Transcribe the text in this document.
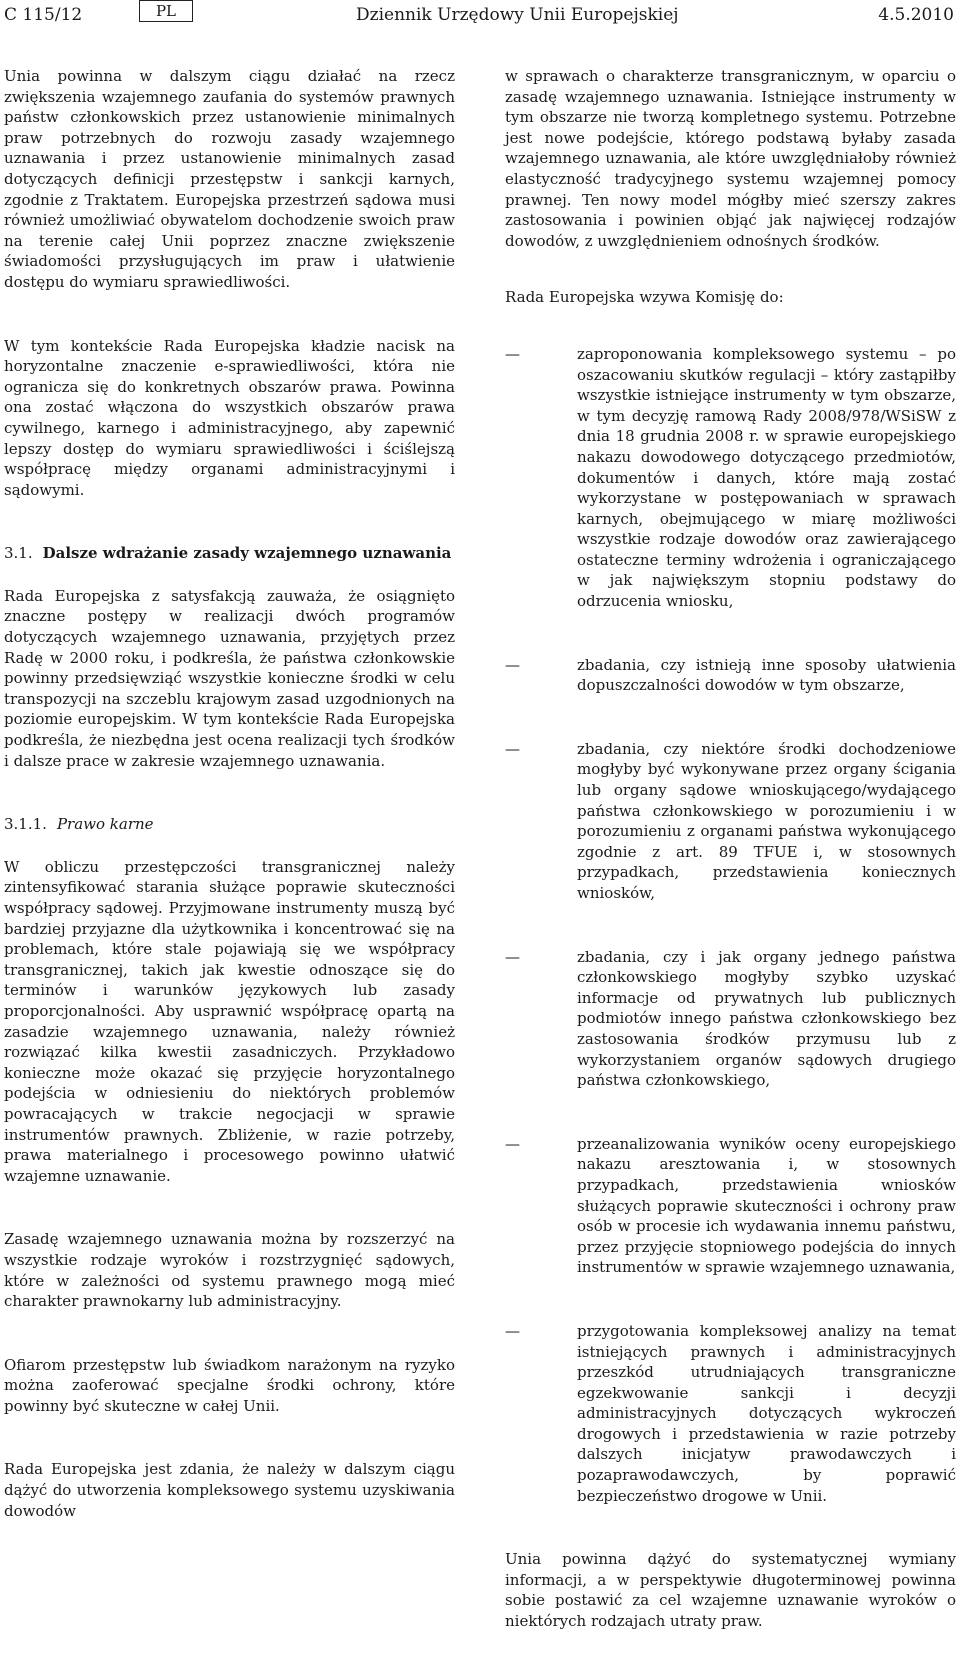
C 115/12	PL	Dziennik Urzędowy Unii Europejskiej	4.5.2010

Unia powinna w dalszym ciągu działać na rzecz zwiększenia wzajemnego zaufania do systemów prawnych państw członkowskich przez ustanowienie minimalnych praw potrzebnych do rozwoju zasady wzajemnego uznawania i przez ustanowienie minimalnych zasad dotyczących definicji przestępstw i sankcji karnych, zgodnie z Traktatem. Europejska przestrzeń sądowa musi również umożliwiać obywatelom dochodzenie swoich praw na terenie całej Unii poprzez znaczne zwiększenie świadomości przysługujących im praw i ułatwienie dostępu do wymiaru sprawiedliwości.

W tym kontekście Rada Europejska kładzie nacisk na horyzontalne znaczenie e-sprawiedliwości, która nie ogranicza się do konkretnych obszarów prawa. Powinna ona zostać włączona do wszystkich obszarów prawa cywilnego, karnego i administracyjnego, aby zapewnić lepszy dostęp do wymiaru sprawiedliwości i ściślejszą współpracę między organami administracyjnymi i sądowymi.

3.1. Dalsze wdrażanie zasady wzajemnego uznawania

Rada Europejska z satysfakcją zauważa, że osiągnięto znaczne postępy w realizacji dwóch programów dotyczących wzajemnego uznawania, przyjętych przez Radę w 2000 roku, i podkreśla, że państwa członkowskie powinny przedsięwziąć wszystkie konieczne środki w celu transpozycji na szczeblu krajowym zasad uzgodnionych na poziomie europejskim. W tym kontekście Rada Europejska podkreśla, że niezbędna jest ocena realizacji tych środków i dalsze prace w zakresie wzajemnego uznawania.

3.1.1. Prawo karne

W obliczu przestępczości transgranicznej należy zintensyfikować starania służące poprawie skuteczności współpracy sądowej. Przyjmowane instrumenty muszą być bardziej przyjazne dla użytkownika i koncentrować się na problemach, które stale pojawiają się we współpracy transgranicznej, takich jak kwestie odnoszące się do terminów i warunków językowych lub zasady proporcjonalności. Aby usprawnić współpracę opartą na zasadzie wzajemnego uznawania, należy również rozwiązać kilka kwestii zasadniczych. Przykładowo konieczne może okazać się przyjęcie horyzontalnego podejścia w odniesieniu do niektórych problemów powracających w trakcie negocjacji w sprawie instrumentów prawnych. Zbliżenie, w razie potrzeby, prawa materialnego i procesowego powinno ułatwić wzajemne uznawanie.

Zasadę wzajemnego uznawania można by rozszerzyć na wszystkie rodzaje wyroków i rozstrzygnięć sądowych, które w zależności od systemu prawnego mogą mieć charakter prawnokarny lub administracyjny.

Ofiarom przestępstw lub świadkom narażonym na ryzyko można zaoferować specjalne środki ochrony, które powinny być skuteczne w całej Unii.

Rada Europejska jest zdania, że należy w dalszym ciągu dążyć do utworzenia kompleksowego systemu uzyskiwania dowodów

w sprawach o charakterze transgranicznym, w oparciu o zasadę wzajemnego uznawania. Istniejące instrumenty w tym obszarze nie tworzą kompletnego systemu. Potrzebne jest nowe podejście, którego podstawą byłaby zasada wzajemnego uznawania, ale które uwzględniałoby również elastyczność tradycyjnego systemu wzajemnej pomocy prawnej. Ten nowy model mógłby mieć szerszy zakres zastosowania i powinien objąć jak najwięcej rodzajów dowodów, z uwzględnieniem odnośnych środków.

Rada Europejska wzywa Komisję do:

—	zaproponowania kompleksowego systemu – po oszacowaniu skutków regulacji – który zastąpiłby wszystkie istniejące instrumenty w tym obszarze, w tym decyzję ramową Rady 2008/978/WSiSW z dnia 18 grudnia 2008 r. w sprawie europejskiego nakazu dowodowego dotyczącego przedmiotów, dokumentów i danych, które mają zostać wykorzystane w postępowaniach w sprawach karnych, obejmującego w miarę możliwości wszystkie rodzaje dowodów oraz zawierającego ostateczne terminy wdrożenia i ograniczającego w jak największym stopniu podstawy do odrzucenia wniosku,
—	zbadania, czy istnieją inne sposoby ułatwienia dopuszczalności dowodów w tym obszarze,
—	zbadania, czy niektóre środki dochodzeniowe mogłyby być wykonywane przez organy ścigania lub organy sądowe wnioskującego/wydającego państwa członkowskiego w porozumieniu i w porozumieniu z organami państwa wykonującego zgodnie z art. 89 TFUE i, w stosownych przypadkach, przedstawienia koniecznych wniosków,
—	zbadania, czy i jak organy jednego państwa członkowskiego mogłyby szybko uzyskać informacje od prywatnych lub publicznych podmiotów innego państwa członkowskiego bez zastosowania środków przymusu lub z wykorzystaniem organów sądowych drugiego państwa członkowskiego,
—	przeanalizowania wyników oceny europejskiego nakazu aresztowania i, w stosownych przypadkach, przedstawienia wniosków służących poprawie skuteczności i ochrony praw osób w procesie ich wydawania innemu państwu, przez przyjęcie stopniowego podejścia do innych instrumentów w sprawie wzajemnego uznawania,
—	przygotowania kompleksowej analizy na temat istniejących prawnych i administracyjnych przeszkód utrudniających transgraniczne egzekwowanie sankcji i decyzji administracyjnych dotyczących wykroczeń drogowych i przedstawienia w razie potrzeby dalszych inicjatyw prawodawczych i pozaprawodawczych, by poprawić bezpieczeństwo drogowe w Unii.

Unia powinna dążyć do systematycznej wymiany informacji, a w perspektywie długoterminowej powinna sobie postawić za cel wzajemne uznawanie wyroków o niektórych rodzajach utraty praw.
